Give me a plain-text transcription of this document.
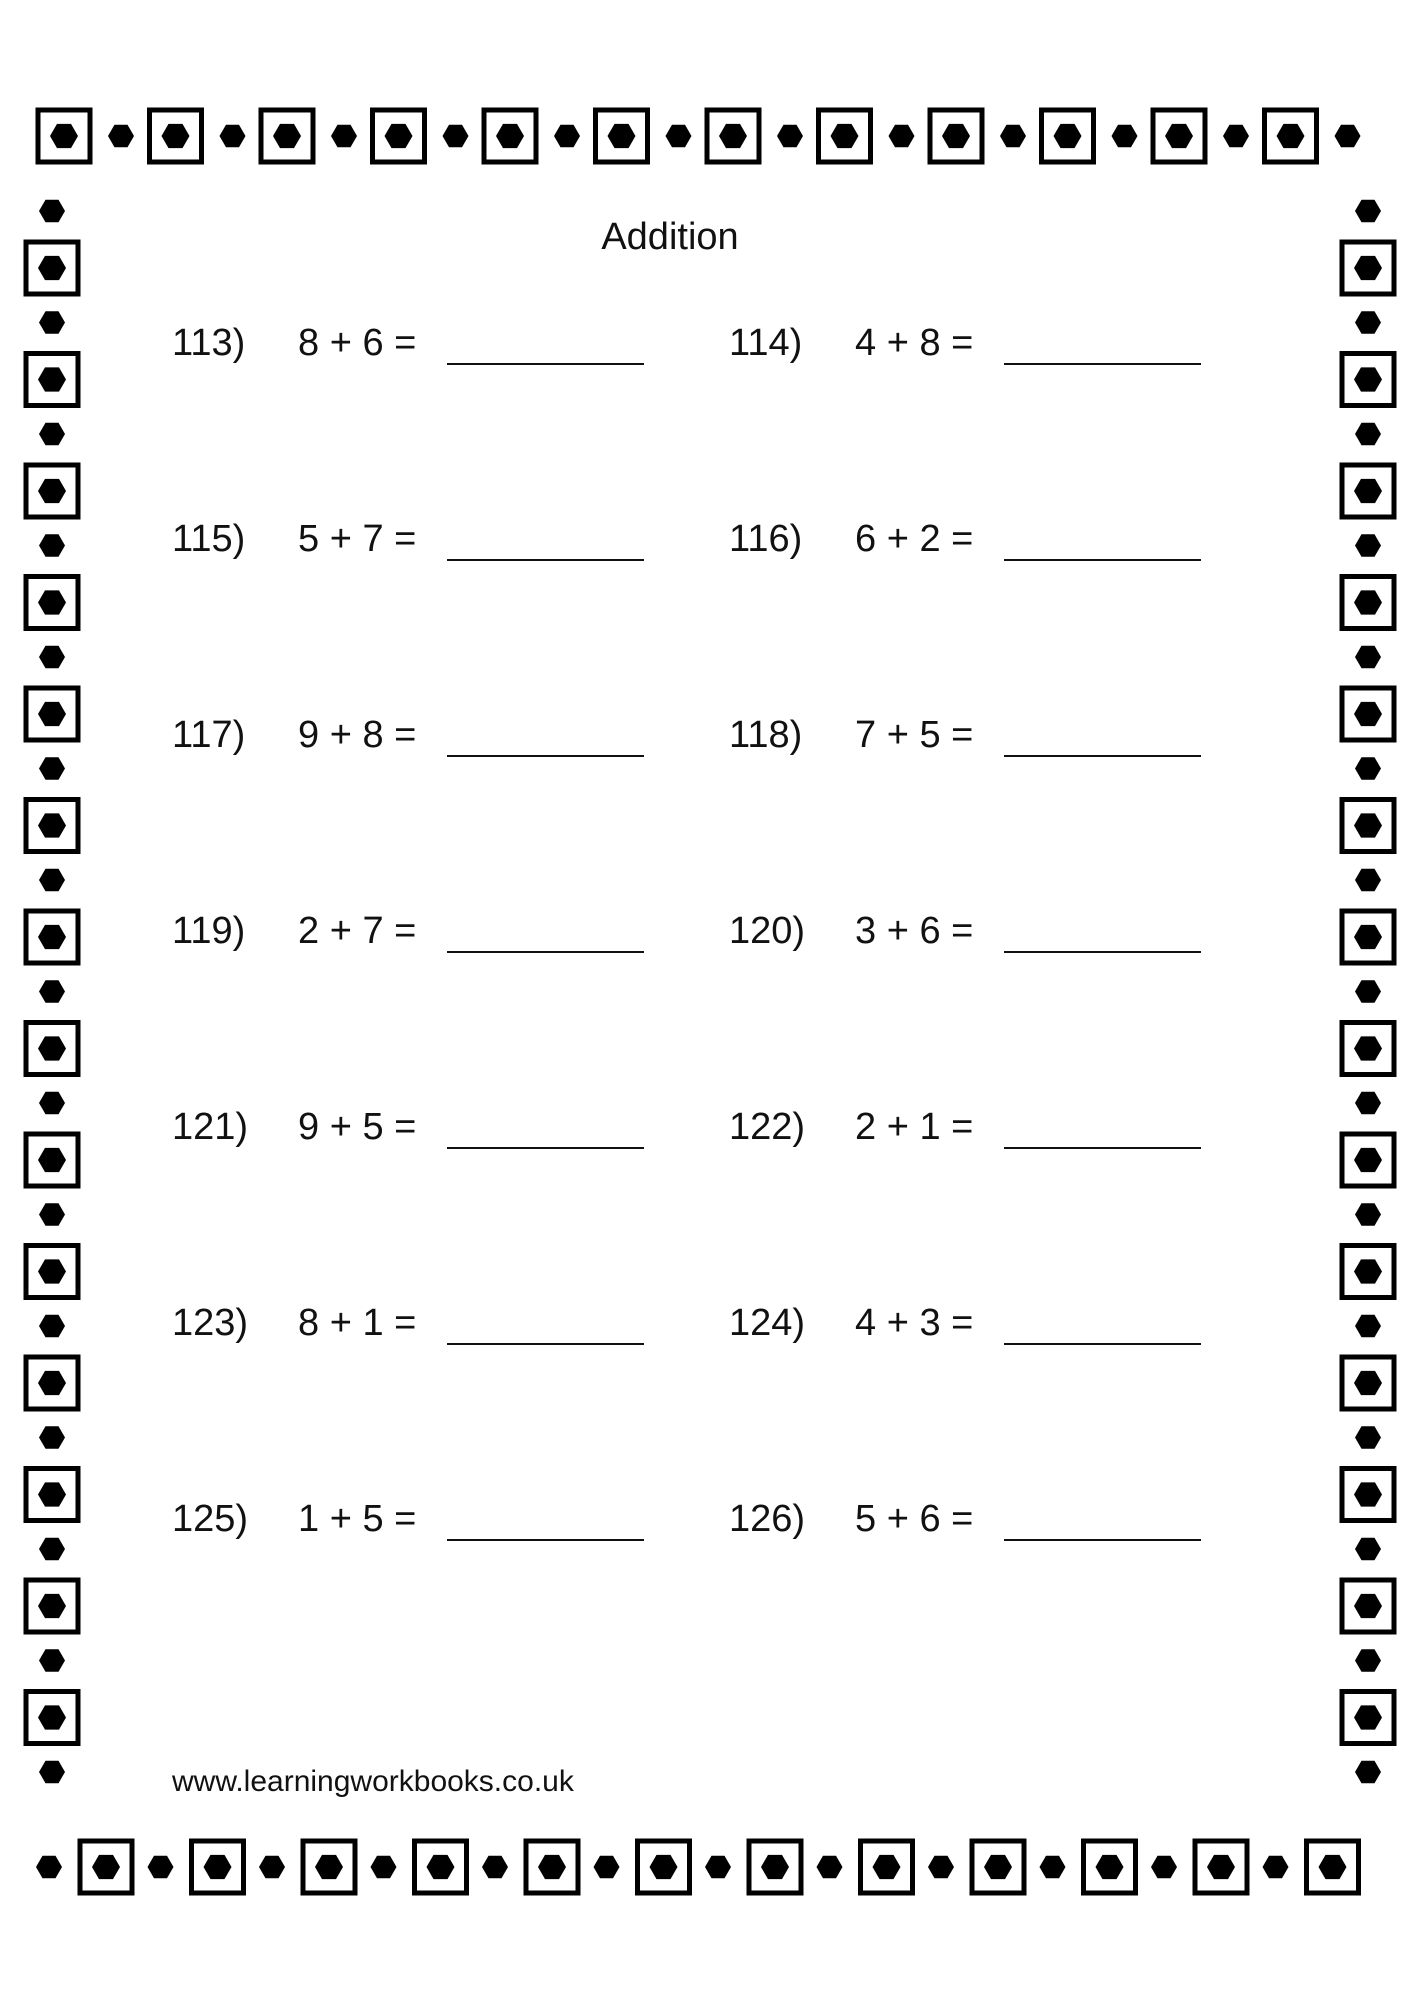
Addition
113) 8 + 6 =	114) 4 + 8 =
115) 5 + 7 =	116) 6 + 2 =
117) 9 + 8 =	118) 7 + 5 =
119) 2 + 7 =	120) 3 + 6 =
121) 9 + 5 =	122) 2 + 1 =
123) 8 + 1 =	124) 4 + 3 =
125) 1 + 5 =	126) 5 + 6 =
www.learningworkbooks.co.uk
